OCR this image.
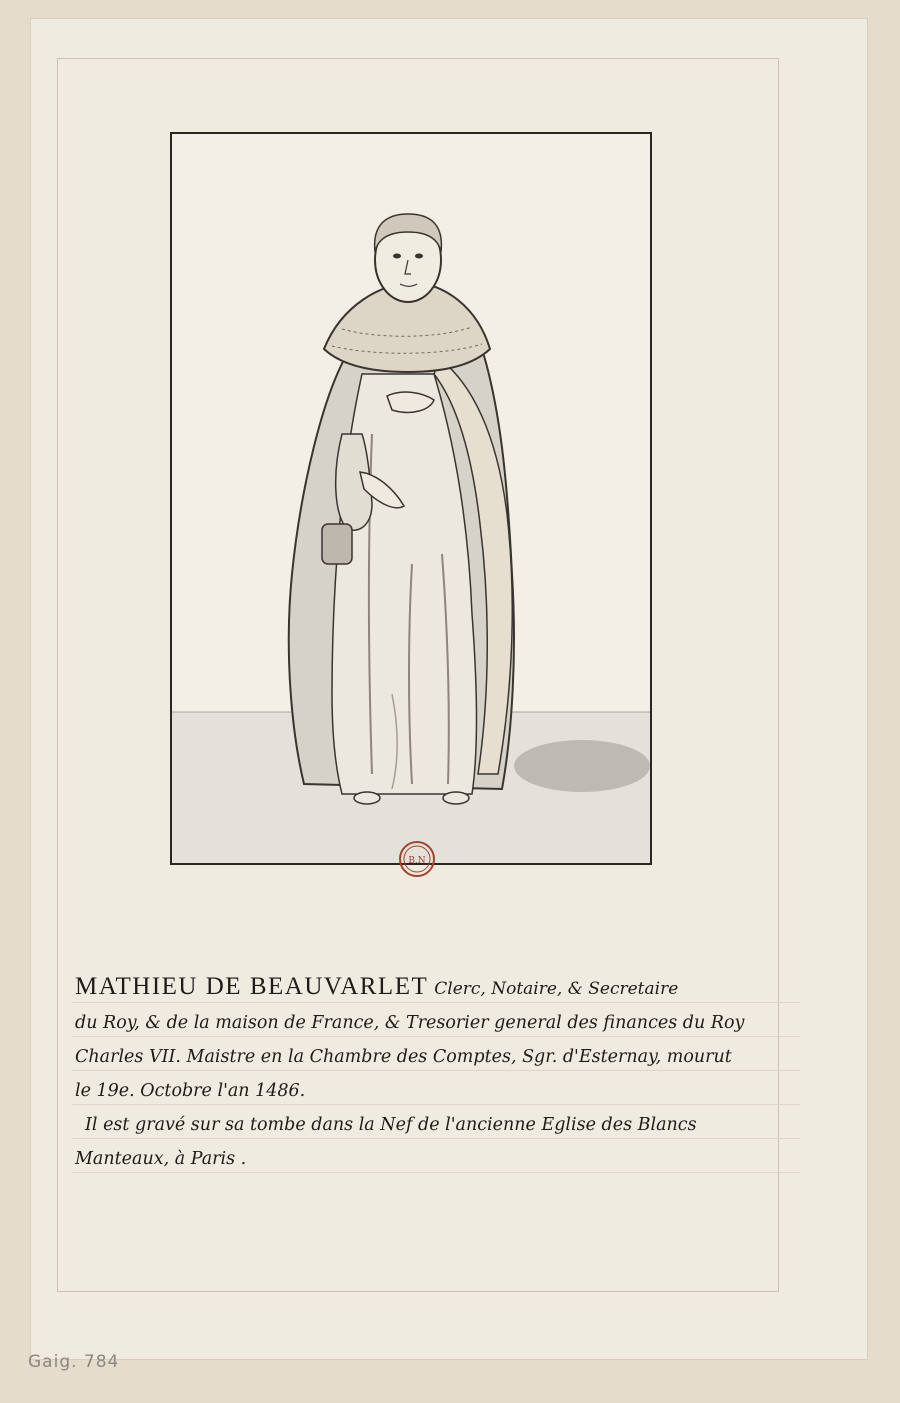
B.N
MATHIEU DE BEAUVARLET Clerc, Notaire, & Secretaire
du Roy, & de la maison de France, & Tresorier general des finances du Roy
Charles VII. Maistre en la Chambre des Comptes, Sgr. d'Esternay, mourut
le 19e. Octobre l'an 1486.
Il est gravé sur sa tombe dans la Nef de l'ancienne Eglise des Blancs
Manteaux, à Paris .
Gaig. 784
